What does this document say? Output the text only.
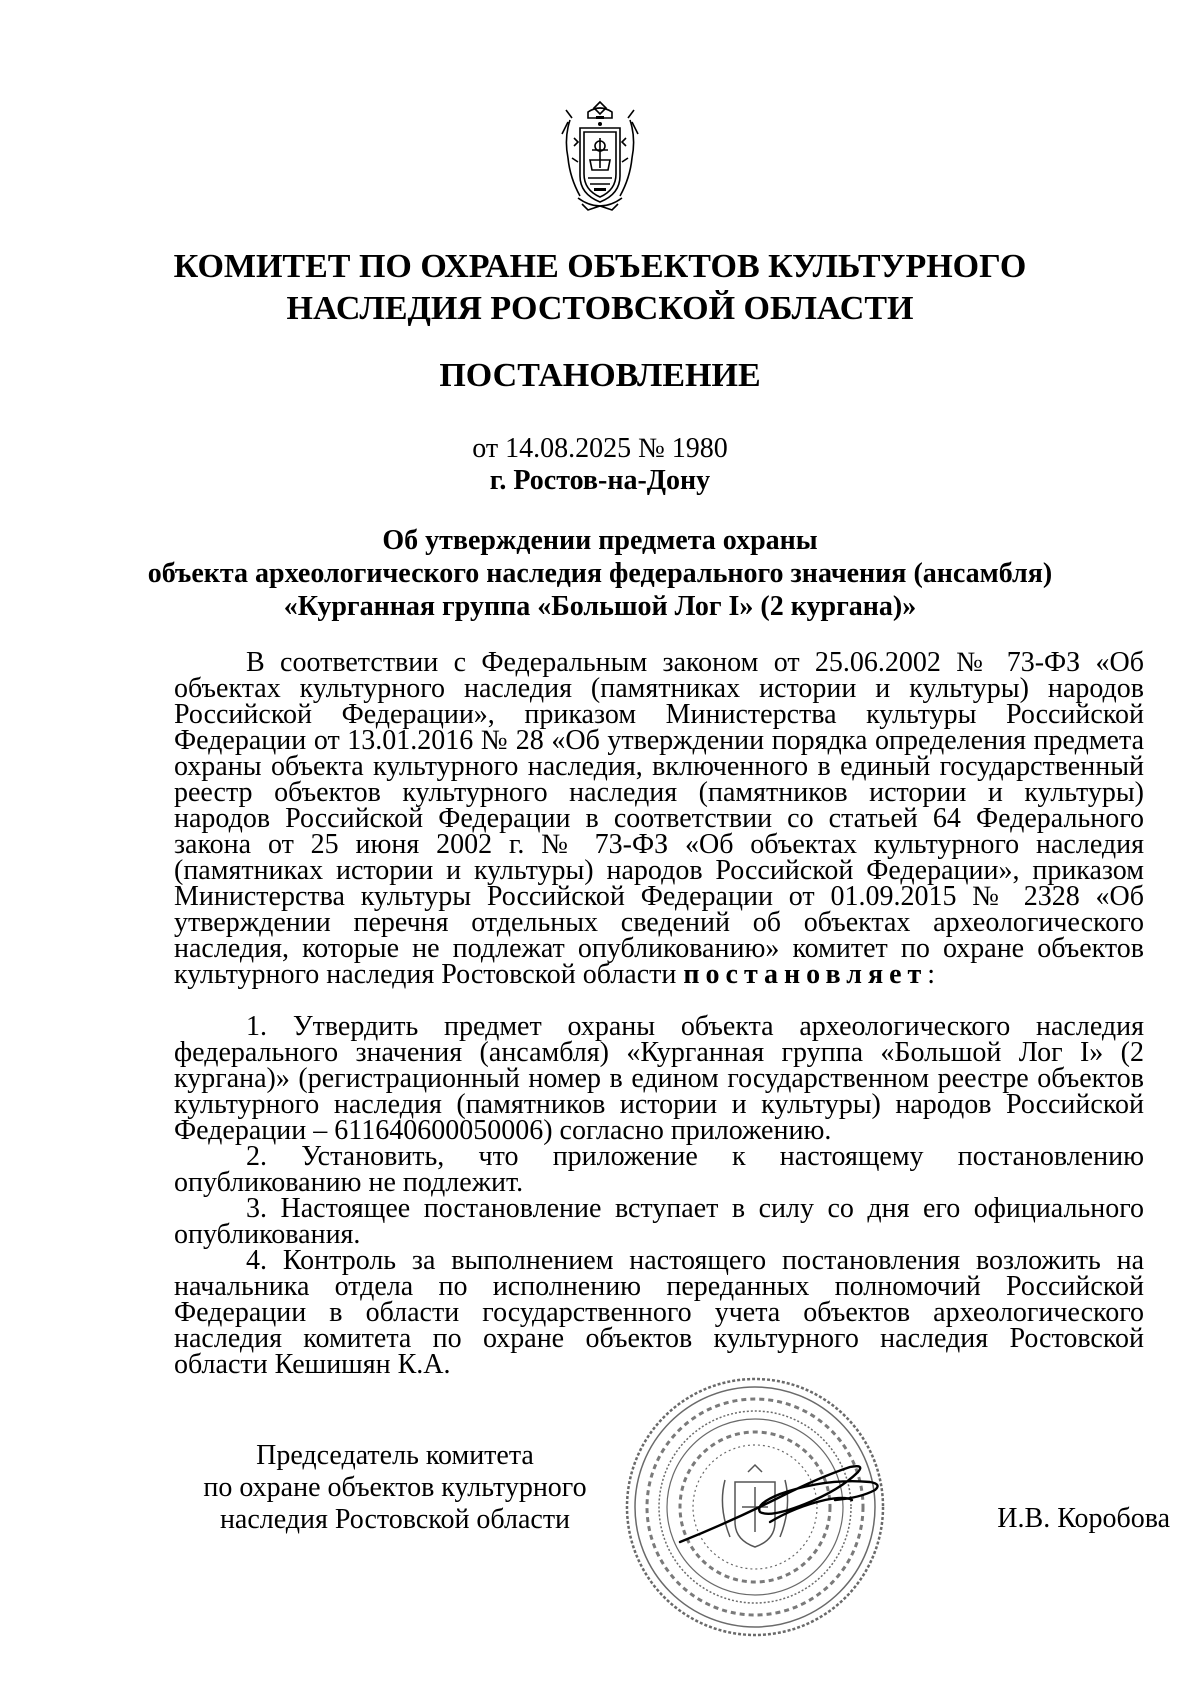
КОМИТЕТ ПО ОХРАНЕ ОБЪЕКТОВ КУЛЬТУРНОГО
НАСЛЕДИЯ РОСТОВСКОЙ ОБЛАСТИ
ПОСТАНОВЛЕНИЕ
от 14.08.2025 № 1980
г. Ростов-на-Дону
Об утверждении предмета охраны
объекта археологического наследия федерального значения (ансамбля)
«Курганная группа «Большой Лог I» (2 кургана)»

В соответствии с Федеральным законом от 25.06.2002 № 73-ФЗ «Об объектах культурного наследия (памятниках истории и культуры) народов Российской Федерации», приказом Министерства культуры Российской Федерации от 13.01.2016 № 28 «Об утверждении порядка определения предмета охраны объекта культурного наследия, включенного в единый государственный реестр объектов культурного наследия (памятников истории и культуры) народов Российской Федерации в соответствии со статьей 64 Федерального закона от 25 июня 2002 г. № 73-ФЗ «Об объектах культурного наследия (памятниках истории и культуры) народов Российской Федерации», приказом Министерства культуры Российской Федерации от 01.09.2015 № 2328 «Об утверждении перечня отдельных сведений об объектах археологического наследия, которые не подлежат опубликованию» комитет по охране объектов культурного наследия Ростовской области постановляет:

1. Утвердить предмет охраны объекта археологического наследия федерального значения (ансамбля) «Курганная группа «Большой Лог I» (2 кургана)» (регистрационный номер в едином государственном реестре объектов культурного наследия (памятников истории и культуры) народов Российской Федерации – 611640600050006) согласно приложению.

2. Установить, что приложение к настоящему постановлению опубликованию не подлежит.

3. Настоящее постановление вступает в силу со дня его официального опубликования.

4. Контроль за выполнением настоящего постановления возложить на начальника отдела по исполнению переданных полномочий Российской Федерации в области государственного учета объектов археологического наследия комитета по охране объектов культурного наследия Ростовской области Кешишян К.А.

Председатель комитета
по охране объектов культурного
наследия Ростовской области	И.В. Коробова
